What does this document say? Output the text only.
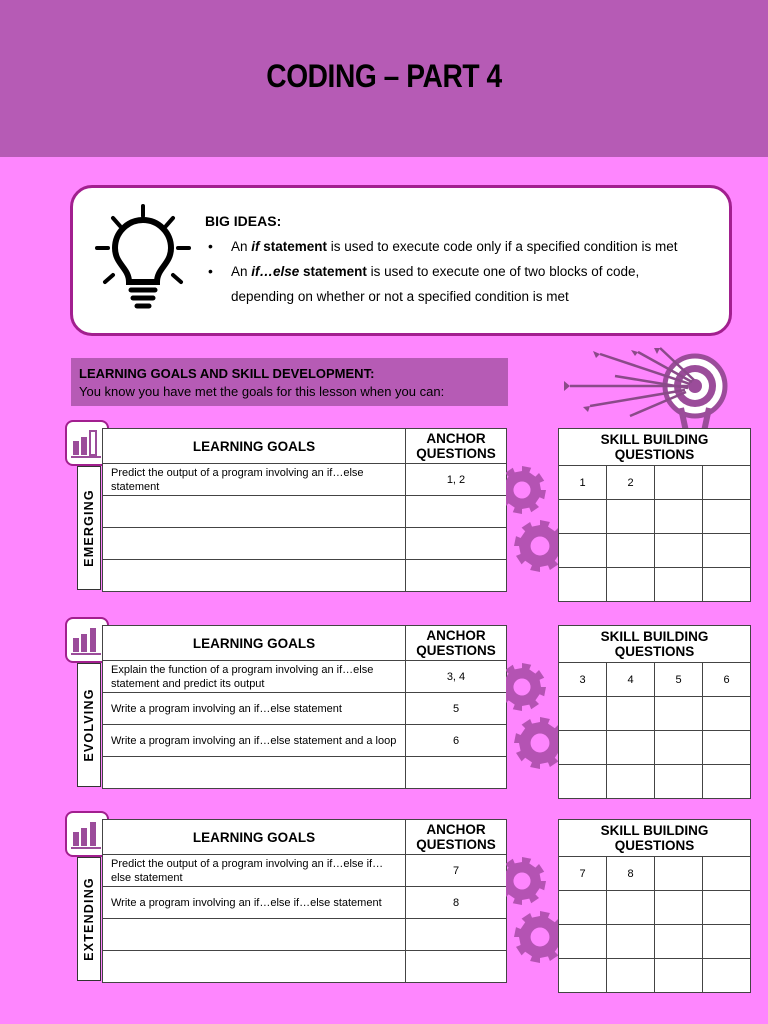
CODING – PART 4
BIG IDEAS:
• An if statement is used to execute code only if a specified condition is met
• An if…else statement is used to execute one of two blocks of code,
depending on whether or not a specified condition is met
LEARNING GOALS AND SKILL DEVELOPMENT:
You know you have met the goals for this lesson when you can:
EMERGING
LEARNING GOALS	ANCHOR QUESTIONS
Predict the output of a program involving an if…else statement	1, 2

SKILL BUILDING QUESTIONS			
1	2		

EVOLVING
LEARNING GOALS	ANCHOR QUESTIONS
Explain the function of a program involving an if…else statement and predict its output	3, 4
Write a program involving an if…else statement	5
Write a program involving an if…else statement and a loop	6

SKILL BUILDING QUESTIONS			
3	4	5	6

EXTENDING
LEARNING GOALS	ANCHOR QUESTIONS
Predict the output of a program involving an if…else if…else statement	7
Write a program involving an if…else if…else statement	8

SKILL BUILDING QUESTIONS			
7	8		
